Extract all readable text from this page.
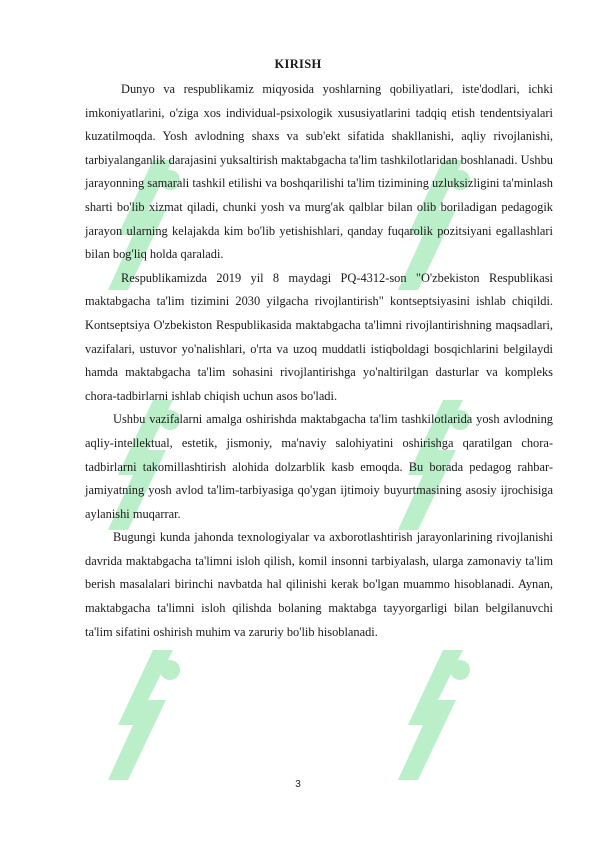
KIRISH

Dunyo va respublikamiz miqyosida yoshlarning qobiliyatlari, iste'dodlari, ichki imkoniyatlarini, o'ziga xos individual-psixologik xususiyatlarini tadqiq etish tendentsiyalari kuzatilmoqda. Yosh avlodning shaxs va sub'ekt sifatida shakllanishi, aqliy rivojlanishi, tarbiyalanganlik darajasini yuksaltirish maktabgacha ta'lim tashkilotlaridan boshlanadi. Ushbu jarayonning samarali tashkil etilishi va boshqarilishi ta'lim tizimining uzluksizligini ta'minlash sharti bo'lib xizmat qiladi, chunki yosh va murg'ak qalblar bilan olib boriladigan pedagogik jarayon ularning kelajakda kim bo'lib yetishishlari, qanday fuqarolik pozitsiyani egallashlari bilan bog'liq holda qaraladi.

Respublikamizda 2019 yil 8 maydagi PQ-4312-son "O'zbekiston Respublikasi maktabgacha ta'lim tizimini 2030 yilgacha rivojlantirish" kontseptsiyasini ishlab chiqildi. Kontseptsiya O'zbekiston Respublikasida maktabgacha ta'limni rivojlantirishning maqsadlari, vazifalari, ustuvor yo'nalishlari, o'rta va uzoq muddatli istiqboldagi bosqichlarini belgilaydi hamda maktabgacha ta'lim sohasini rivojlantirishga yo'naltirilgan dasturlar va kompleks chora-tadbirlarni ishlab chiqish uchun asos bo'ladi.

Ushbu vazifalarni amalga oshirishda maktabgacha ta'lim tashkilotlarida yosh avlodning aqliy-intellektual, estetik, jismoniy, ma'naviy salohiyatini oshirishga qaratilgan chora-tadbirlarni takomillashtirish alohida dolzarblik kasb emoqda. Bu borada pedagog rahbar-jamiyatning yosh avlod ta'lim-tarbiyasiga qo'ygan ijtimoiy buyurtmasining asosiy ijrochisiga aylanishi muqarrar.

Bugungi kunda jahonda texnologiyalar va axborotlashtirish jarayonlarining rivojlanishi davrida maktabgacha ta'limni isloh qilish, komil insonni tarbiyalash, ularga zamonaviy ta'lim berish masalalari birinchi navbatda hal qilinishi kerak bo'lgan muammo hisoblanadi. Aynan, maktabgacha ta'limni isloh qilishda bolaning maktabga tayyorgarligi bilan belgilanuvchi ta'lim sifatini oshirish muhim va zaruriy bo'lib hisoblanadi.

3
